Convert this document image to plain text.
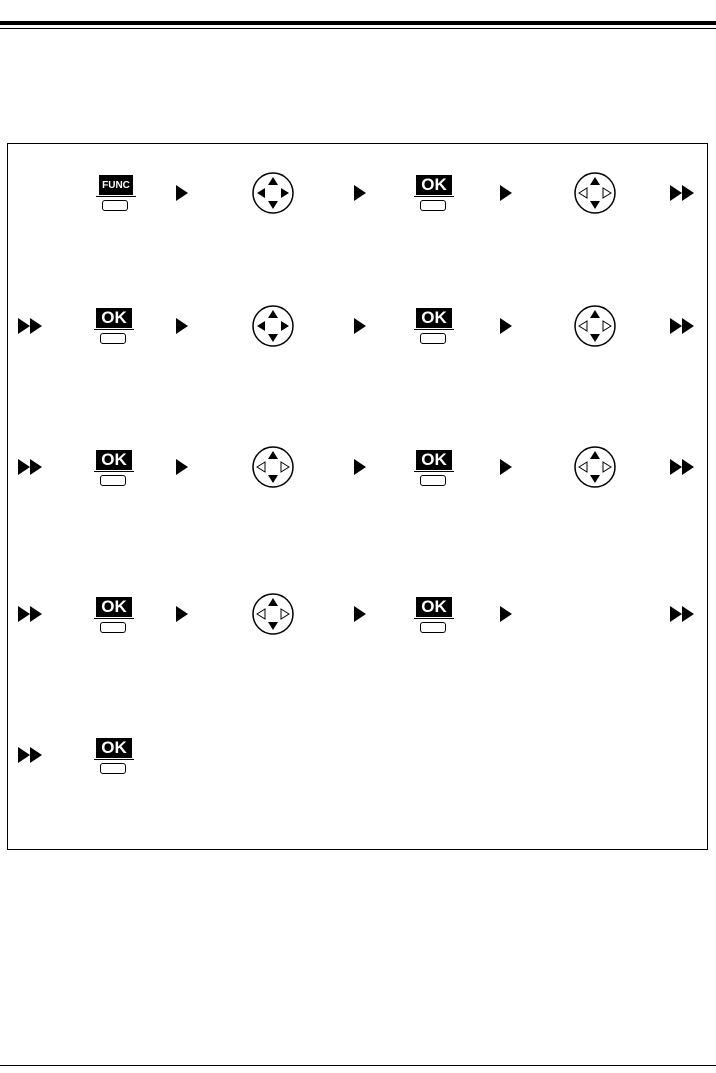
FUNC	OK
OK	OK
OK	OK
OK	OK
OK
